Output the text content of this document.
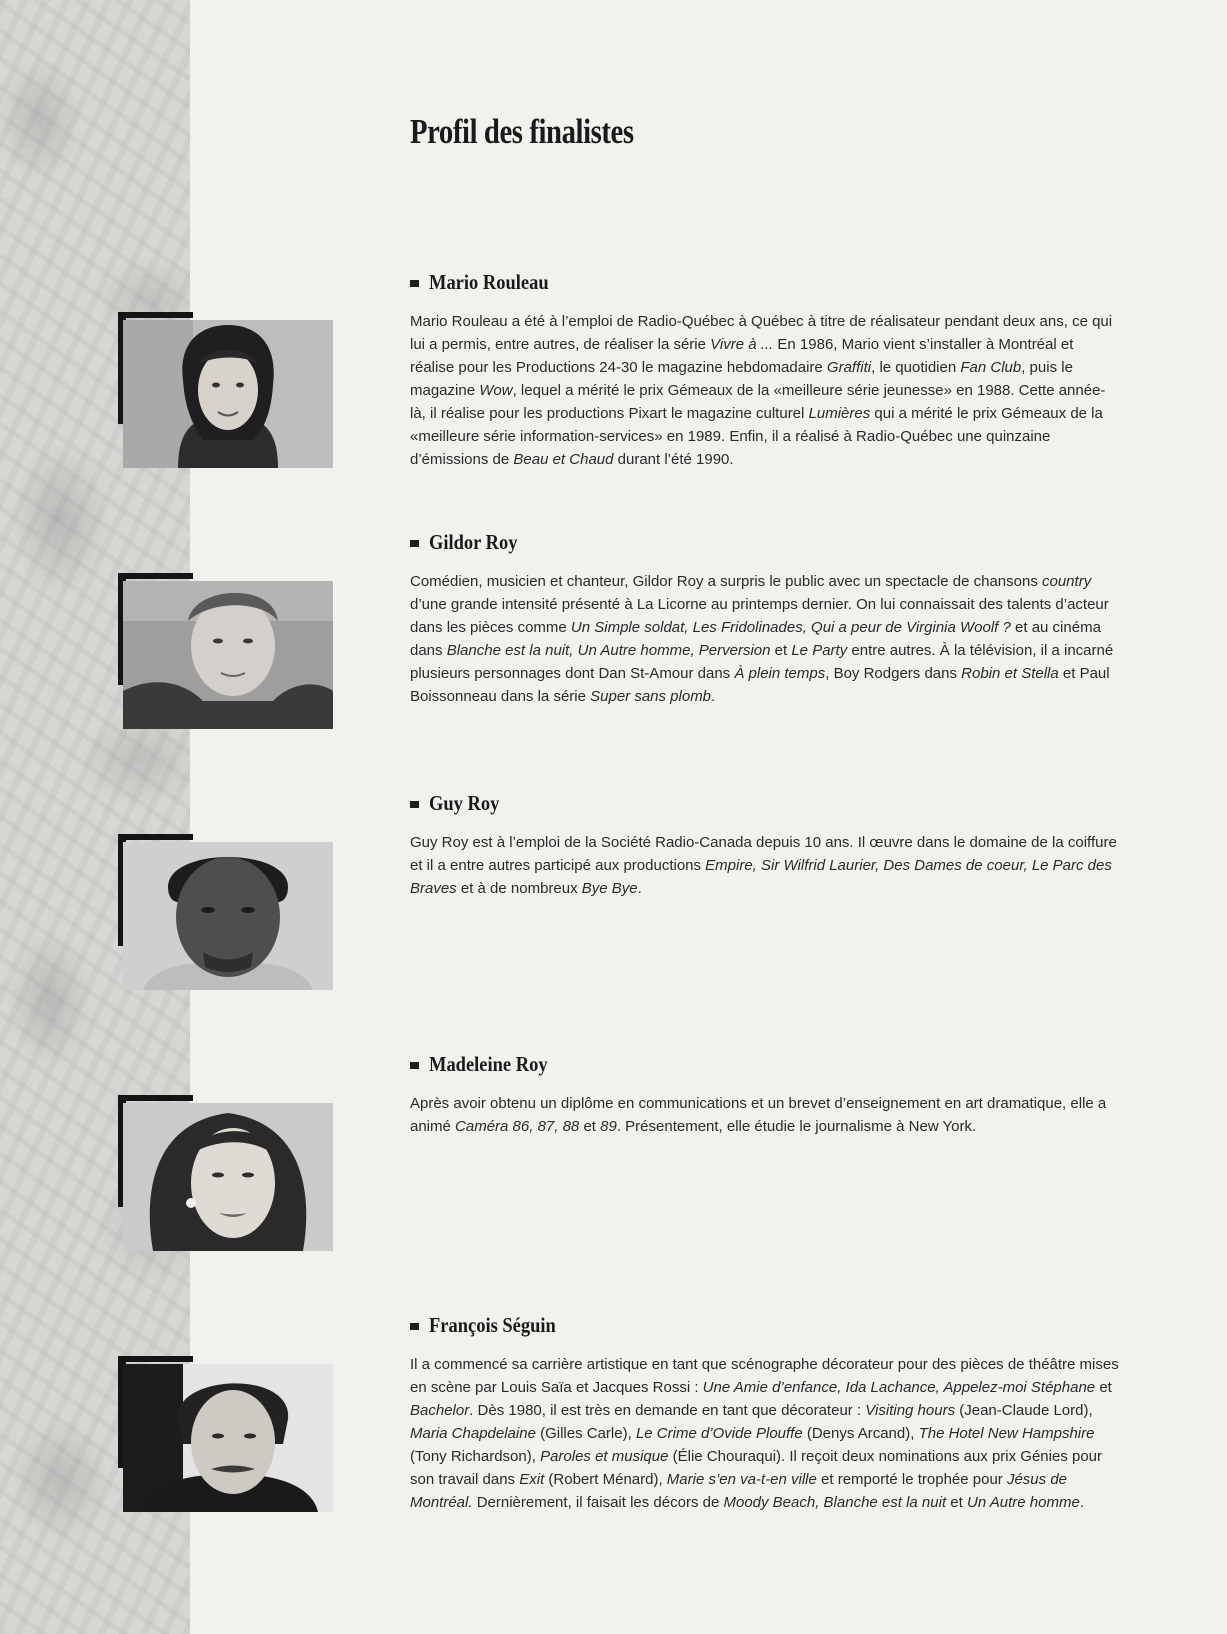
Profil des finalistes
Mario Rouleau

Mario Rouleau a été à l’emploi de Radio-Québec à Québec à titre de réalisateur pendant deux ans, ce qui lui a permis, entre autres, de réaliser la série Vivre à ... En 1986, Mario vient s’installer à Montréal et réalise pour les Productions 24-30 le magazine hebdomadaire Graffiti, le quotidien Fan Club, puis le magazine Wow, lequel a mérité le prix Gémeaux de la «meilleure série jeunesse» en 1988. Cette année-là, il réalise pour les productions Pixart le magazine culturel Lumières qui a mérité le prix Gémeaux de la «meilleure série information-services» en 1989. Enfin, il a réalisé à Radio-Québec une quinzaine d’émissions de Beau et Chaud durant l’été 1990.

Gildor Roy

Comédien, musicien et chanteur, Gildor Roy a surpris le public avec un spectacle de chansons country d’une grande intensité présenté à La Licorne au printemps dernier. On lui connaissait des talents d’acteur dans les pièces comme Un Simple soldat, Les Fridolinades, Qui a peur de Virginia Woolf ? et au cinéma dans Blanche est la nuit, Un Autre homme, Perversion et Le Party entre autres. À la télévision, il a incarné plusieurs personnages dont Dan St-Amour dans À plein temps, Boy Rodgers dans Robin et Stella et Paul Boissonneau dans la série Super sans plomb.

Guy Roy

Guy Roy est à l’emploi de la Société Radio-Canada depuis 10 ans. Il œuvre dans le domaine de la coiffure et il a entre autres participé aux productions Empire, Sir Wilfrid Laurier, Des Dames de coeur, Le Parc des Braves et à de nombreux Bye Bye.

Madeleine Roy

Après avoir obtenu un diplôme en communications et un brevet d’enseignement en art dramatique, elle a animé Caméra 86, 87, 88 et 89. Présentement, elle étudie le journalisme à New York.

François Séguin

Il a commencé sa carrière artistique en tant que scénographe décorateur pour des pièces de théâtre mises en scène par Louis Saïa et Jacques Rossi : Une Amie d’enfance, Ida Lachance, Appelez-moi Stéphane et Bachelor. Dès 1980, il est très en demande en tant que décorateur : Visiting hours (Jean-Claude Lord), Maria Chapdelaine (Gilles Carle), Le Crime d’Ovide Plouffe (Denys Arcand), The Hotel New Hampshire (Tony Richardson), Paroles et musique (Élie Chouraqui). Il reçoit deux nominations aux prix Génies pour son travail dans Exit (Robert Ménard), Marie s’en va-t-en ville et remporté le trophée pour Jésus de Montréal. Dernièrement, il faisait les décors de Moody Beach, Blanche est la nuit et Un Autre homme.
